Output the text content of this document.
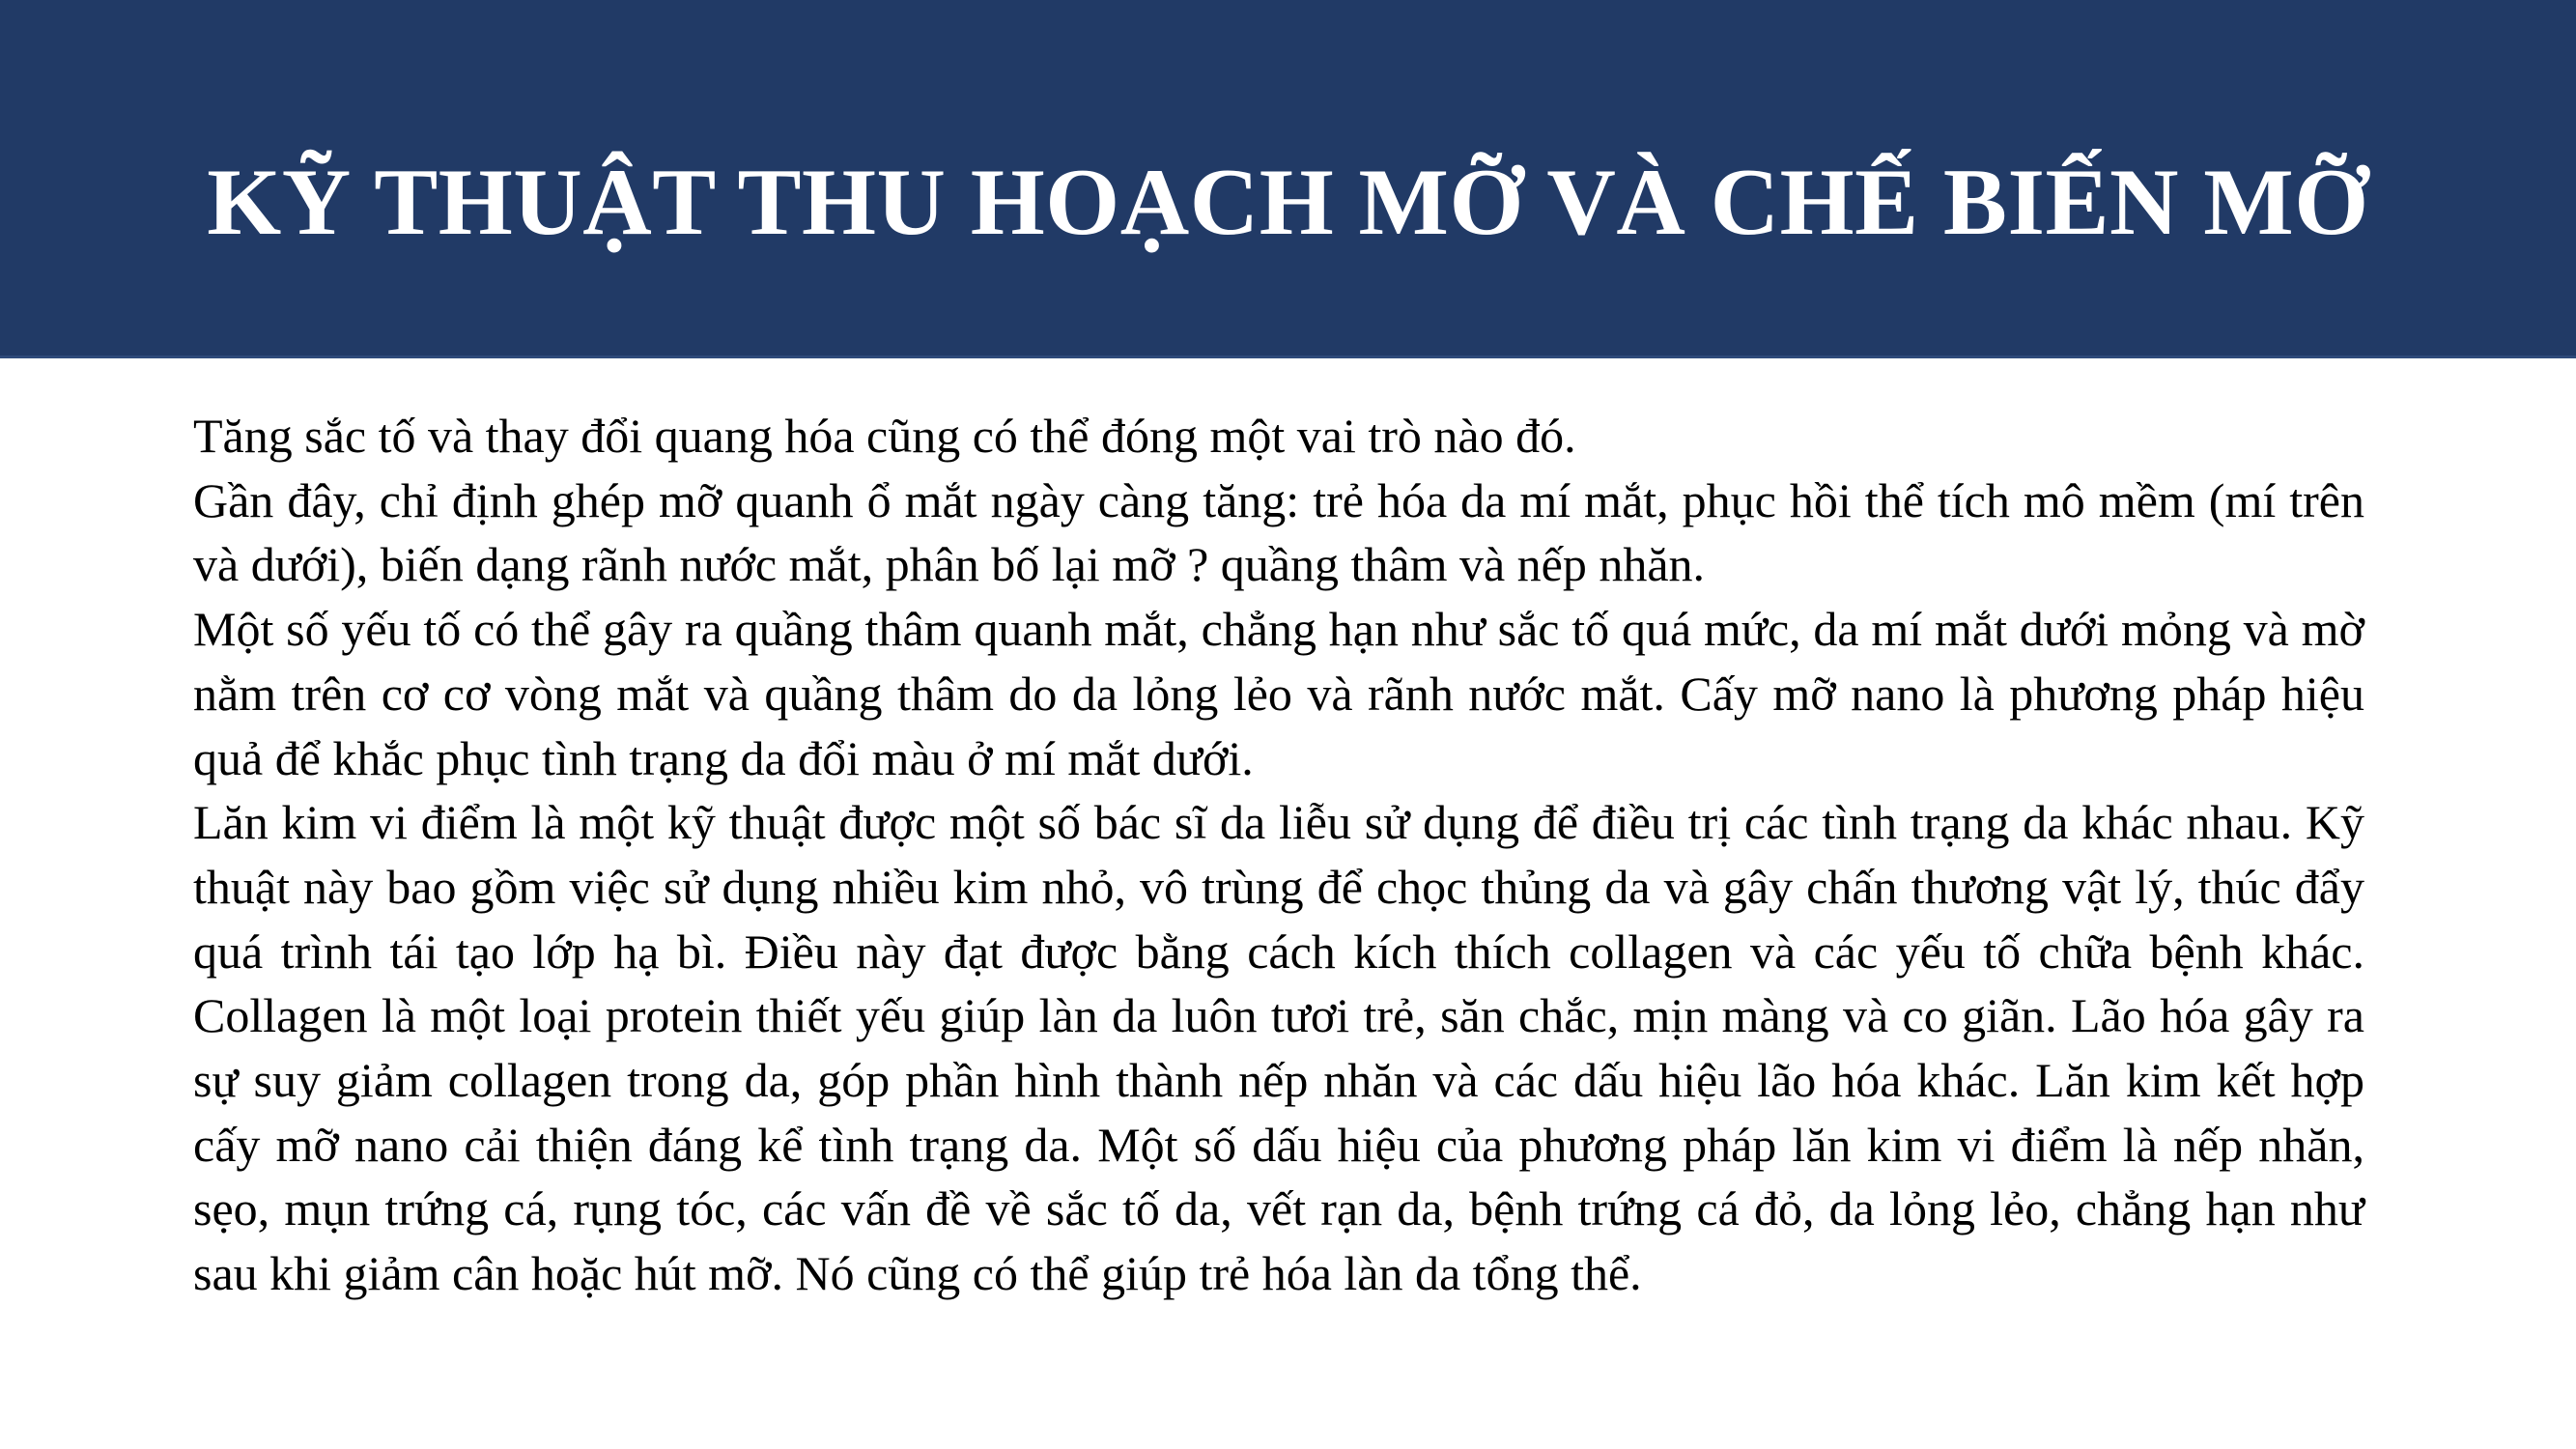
KỸ THUẬT THU HOẠCH MỠ VÀ CHẾ BIẾN MỠ

Tăng sắc tố và thay đổi quang hóa cũng có thể đóng một vai trò nào đó.

Gần đây, chỉ định ghép mỡ quanh ổ mắt ngày càng tăng: trẻ hóa da mí mắt, phục hồi thể tích mô mềm (mí trên và dưới), biến dạng rãnh nước mắt, phân bố lại mỡ ? quầng thâm và nếp nhăn.

Một số yếu tố có thể gây ra quầng thâm quanh mắt, chẳng hạn như sắc tố quá mức, da mí mắt dưới mỏng và mờ nằm trên cơ cơ vòng mắt và quầng thâm do da lỏng lẻo và rãnh nước mắt. Cấy mỡ nano là phương pháp hiệu quả để khắc phục tình trạng da đổi màu ở mí mắt dưới.

Lăn kim vi điểm là một kỹ thuật được một số bác sĩ da liễu sử dụng để điều trị các tình trạng da khác nhau. Kỹ thuật này bao gồm việc sử dụng nhiều kim nhỏ, vô trùng để chọc thủng da và gây chấn thương vật lý, thúc đẩy quá trình tái tạo lớp hạ bì. Điều này đạt được bằng cách kích thích collagen và các yếu tố chữa bệnh khác. Collagen là một loại protein thiết yếu giúp làn da luôn tươi trẻ, săn chắc, mịn màng và co giãn. Lão hóa gây ra sự suy giảm collagen trong da, góp phần hình thành nếp nhăn và các dấu hiệu lão hóa khác. Lăn kim kết hợp cấy mỡ nano cải thiện đáng kể tình trạng da. Một số dấu hiệu của phương pháp lăn kim vi điểm là nếp nhăn, sẹo, mụn trứng cá, rụng tóc, các vấn đề về sắc tố da, vết rạn da, bệnh trứng cá đỏ, da lỏng lẻo, chẳng hạn như sau khi giảm cân hoặc hút mỡ. Nó cũng có thể giúp trẻ hóa làn da tổng thể.
